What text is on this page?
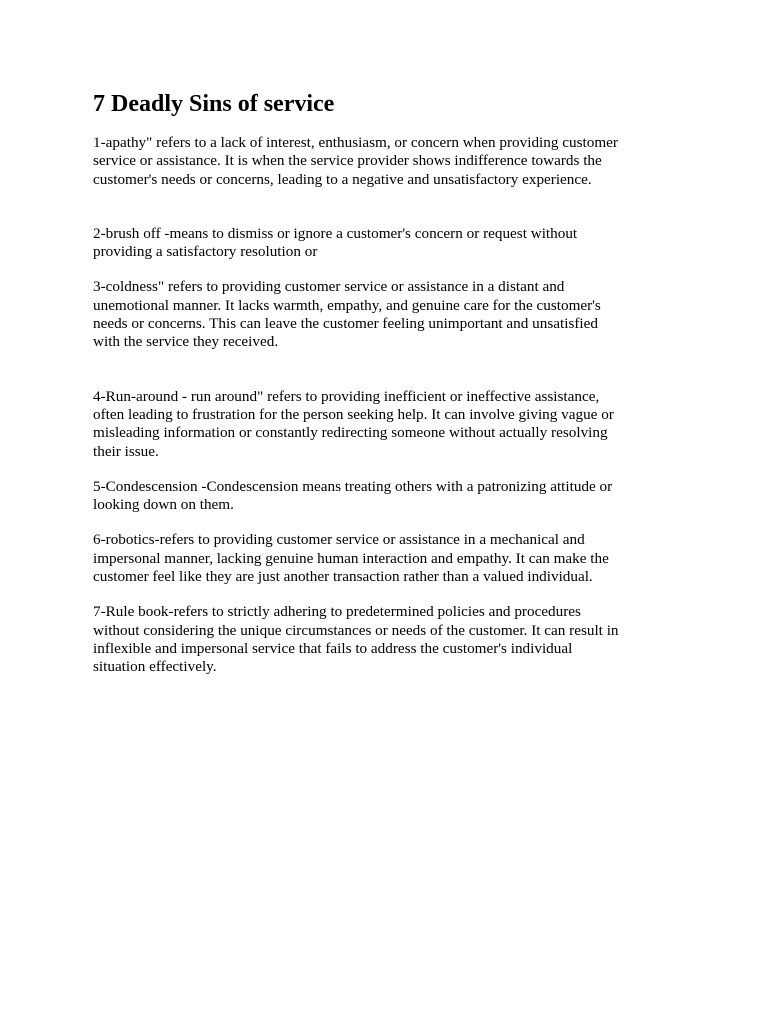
7 Deadly Sins of service

1-apathy" refers to a lack of interest, enthusiasm, or concern when providing customer
service or assistance. It is when the service provider shows indifference towards the
customer's needs or concerns, leading to a negative and unsatisfactory experience.

2-brush off -means to dismiss or ignore a customer's concern or request without
providing a satisfactory resolution or

3-coldness" refers to providing customer service or assistance in a distant and
unemotional manner. It lacks warmth, empathy, and genuine care for the customer's
needs or concerns. This can leave the customer feeling unimportant and unsatisfied
with the service they received.

4-Run-around - run around" refers to providing inefficient or ineffective assistance,
often leading to frustration for the person seeking help. It can involve giving vague or
misleading information or constantly redirecting someone without actually resolving
their issue.

5-Condescension -Condescension means treating others with a patronizing attitude or
looking down on them.

6-robotics-refers to providing customer service or assistance in a mechanical and
impersonal manner, lacking genuine human interaction and empathy. It can make the
customer feel like they are just another transaction rather than a valued individual.

7-Rule book-refers to strictly adhering to predetermined policies and procedures
without considering the unique circumstances or needs of the customer. It can result in
inflexible and impersonal service that fails to address the customer's individual
situation effectively.
